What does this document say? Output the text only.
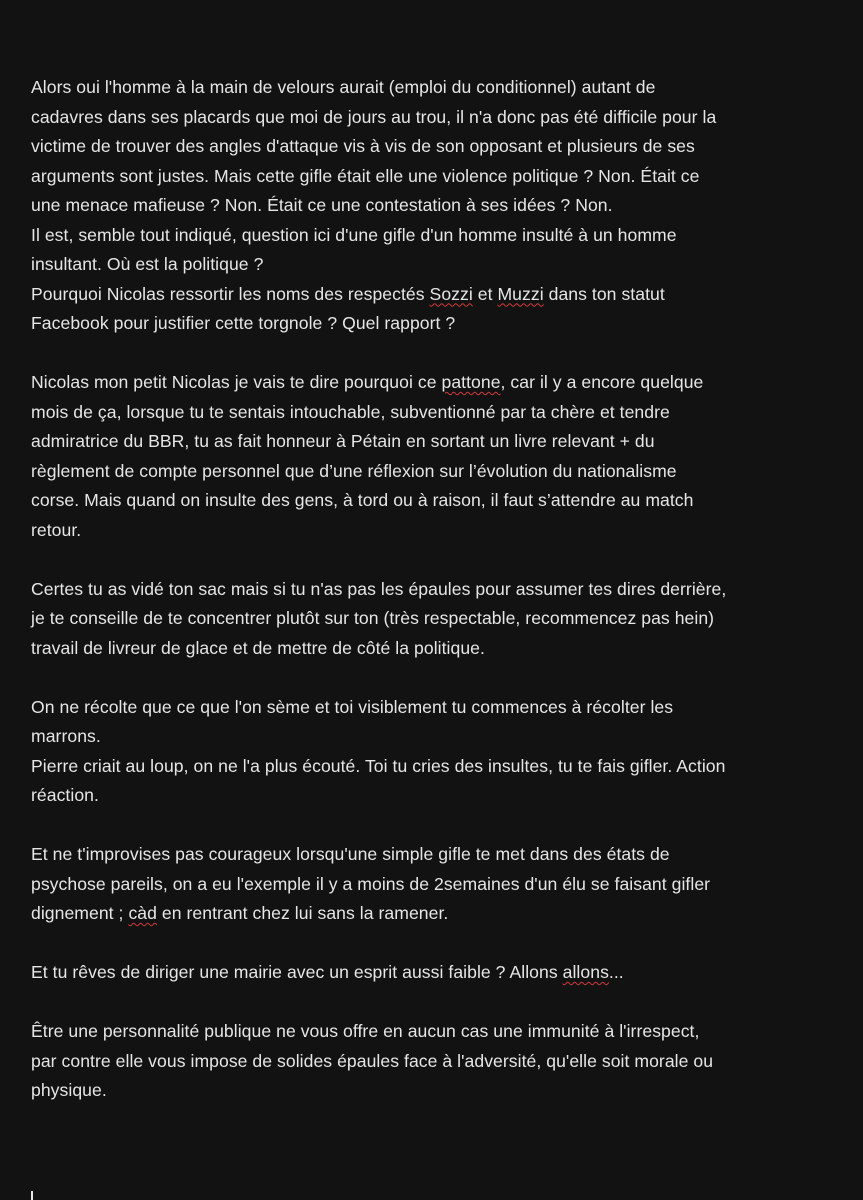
Alors oui l'homme à la main de velours aurait (emploi du conditionnel) autant de
cadavres dans ses placards que moi de jours au trou, il n'a donc pas été difficile pour la
victime de trouver des angles d'attaque vis à vis de son opposant et plusieurs de ses
arguments sont justes. Mais cette gifle était elle une violence politique ? Non. Était ce
une menace mafieuse ? Non. Était ce une contestation à ses idées ? Non.
Il est, semble tout indiqué, question ici d'une gifle d'un homme insulté à un homme
insultant. Où est la politique ?
Pourquoi Nicolas ressortir les noms des respectés Sozzi et Muzzi dans ton statut
Facebook pour justifier cette torgnole ? Quel rapport ?

Nicolas mon petit Nicolas je vais te dire pourquoi ce pattone, car il y a encore quelque
mois de ça, lorsque tu te sentais intouchable, subventionné par ta chère et tendre
admiratrice du BBR, tu as fait honneur à Pétain en sortant un livre relevant + du
règlement de compte personnel que d’une réflexion sur l’évolution du nationalisme
corse. Mais quand on insulte des gens, à tord ou à raison, il faut s’attendre au match
retour.

Certes tu as vidé ton sac mais si tu n'as pas les épaules pour assumer tes dires derrière,
je te conseille de te concentrer plutôt sur ton (très respectable, recommencez pas hein)
travail de livreur de glace et de mettre de côté la politique.

On ne récolte que ce que l'on sème et toi visiblement tu commences à récolter les
marrons.
Pierre criait au loup, on ne l'a plus écouté. Toi tu cries des insultes, tu te fais gifler. Action
réaction.

Et ne t'improvises pas courageux lorsqu'une simple gifle te met dans des états de
psychose pareils, on a eu l'exemple il y a moins de 2semaines d'un élu se faisant gifler
dignement ; càd en rentrant chez lui sans la ramener.

Et tu rêves de diriger une mairie avec un esprit aussi faible ? Allons allons...

Être une personnalité publique ne vous offre en aucun cas une immunité à l'irrespect,
par contre elle vous impose de solides épaules face à l'adversité, qu'elle soit morale ou
physique.
